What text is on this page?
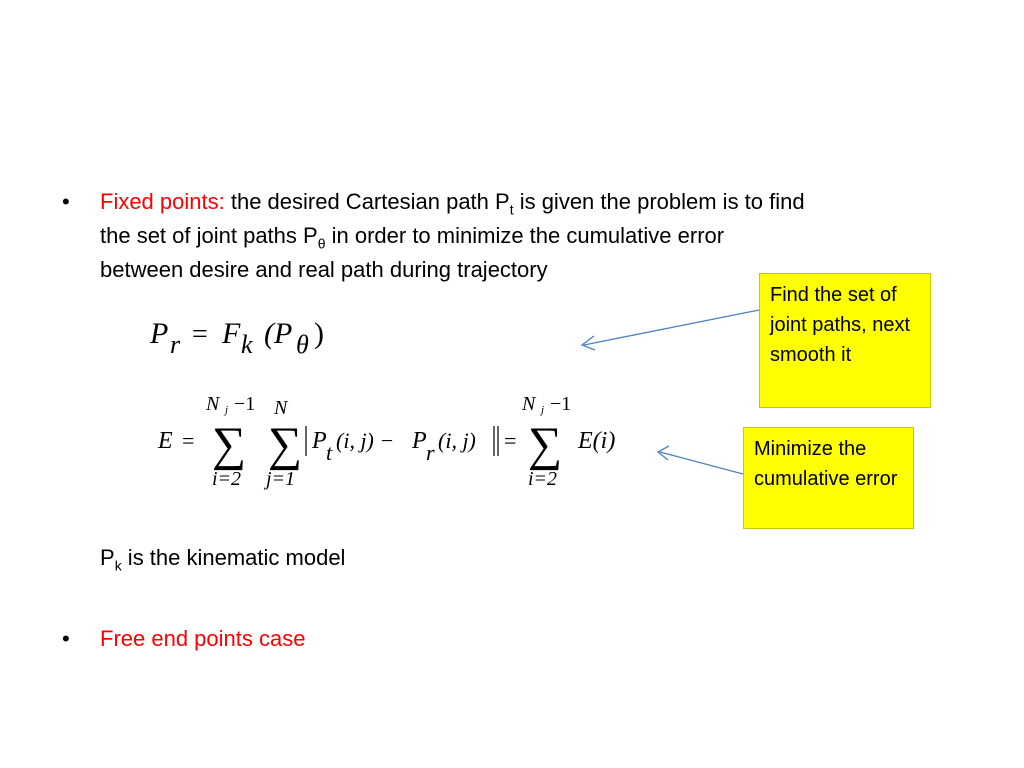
• Fixed points: the desired Cartesian path $P_t$ is given the problem is to find
the set of joint paths $P_\theta$ in order to minimize the cumulative error
between desire and real path during trajectory
P r = F k (P θ )
E =
N j −1
∑
i=2
N
∑
j=1
P t (i, j) − P r (i, j) =
N j −1
∑
i=2
E(i)
$P_k$ is the kinematic model
• Free end points case
Find the set of joint paths, next smooth it
Minimize the cumulative error
